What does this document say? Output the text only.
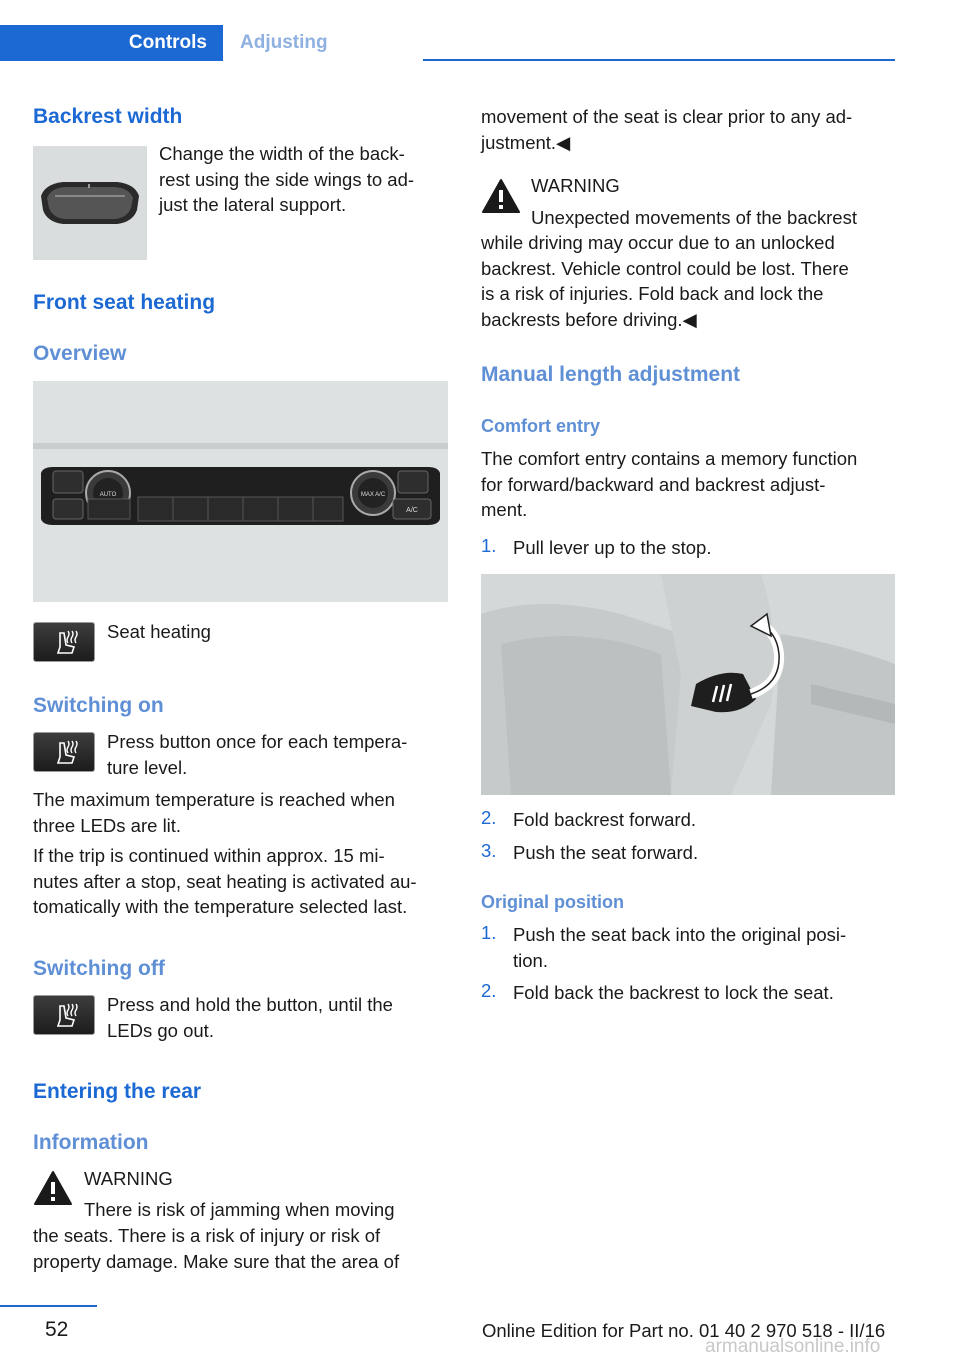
Controls	Adjusting
Backrest width
Change the width of the back-
rest using the side wings to ad-
just the lateral support.
Front seat heating
Overview
AUTO	MAX A/C
A/C
Seat heating
Switching on
Press button once for each tempera-
ture level.
The maximum temperature is reached when
three LEDs are lit.
If the trip is continued within approx. 15 mi-
nutes after a stop, seat heating is activated au-
tomatically with the temperature selected last.
Switching off
Press and hold the button, until the
LEDs go out.
Entering the rear
Information
WARNING
There is risk of jamming when moving
the seats. There is a risk of injury or risk of
property damage. Make sure that the area of
movement of the seat is clear prior to any ad-
justment.◀
WARNING
Unexpected movements of the backrest
while driving may occur due to an unlocked
backrest. Vehicle control could be lost. There
is a risk of injuries. Fold back and lock the
backrests before driving.◀
Manual length adjustment
Comfort entry
The comfort entry contains a memory function
for forward/backward and backrest adjust-
ment.
1. Pull lever up to the stop.
2. Fold backrest forward.
3. Push the seat forward.
Original position
1. Push the seat back into the original posi-
tion.
2. Fold back the backrest to lock the seat.
52	Online Edition for Part no. 01 40 2 970 518 - II/16
armanualsonline.info
